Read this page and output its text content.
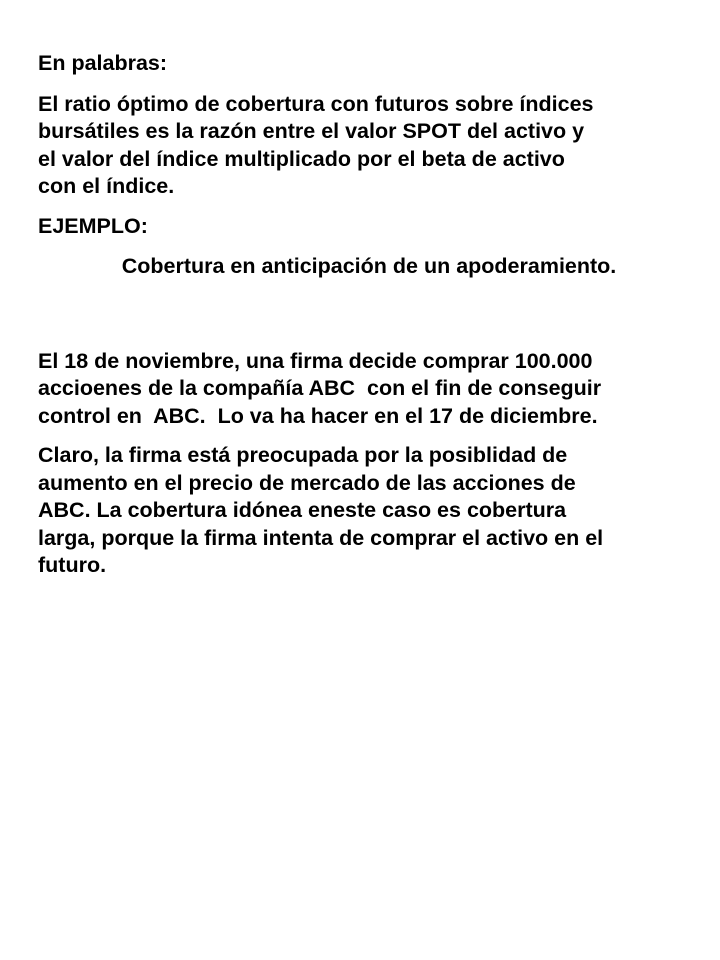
En palabras:

El ratio óptimo de cobertura con futuros sobre índices
bursátiles es la razón entre el valor SPOT del activo y
el valor del índice multiplicado por el beta de activo
con el índice.

EJEMPLO:

Cobertura en anticipación de un apoderamiento.

El 18 de noviembre, una firma decide comprar 100.000
accioenes de la compañía ABC  con el fin de conseguir
control en  ABC.  Lo va ha hacer en el 17 de diciembre.

Claro, la firma está preocupada por la posiblidad de
aumento en el precio de mercado de las acciones de
ABC. La cobertura idónea eneste caso es cobertura
larga, porque la firma intenta de comprar el activo en el
futuro.
